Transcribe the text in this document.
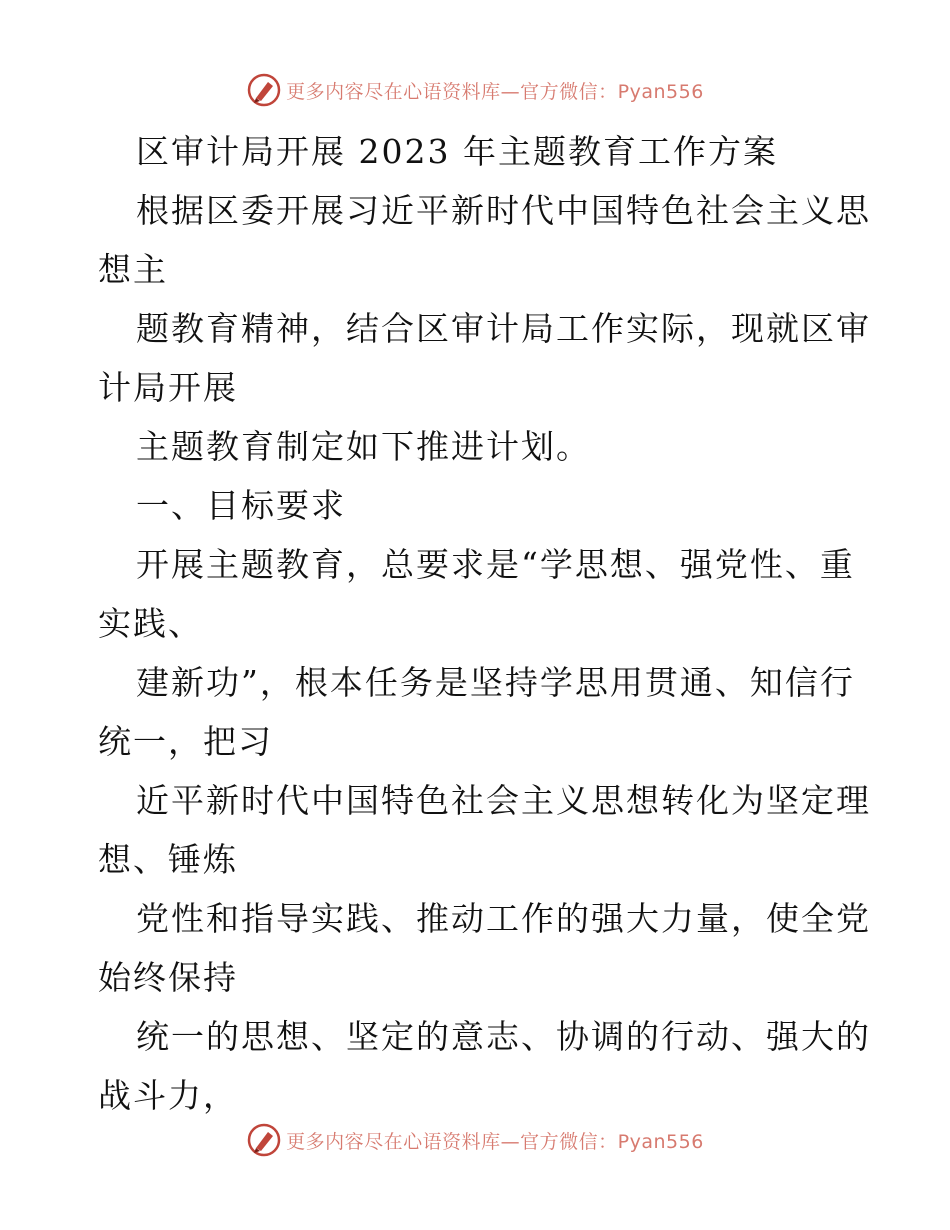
更多内容尽在心语资料库—官方微信：Pyan556
区审计局开展 2023 年主题教育工作方案
根据区委开展习近平新时代中国特色社会主义思
想主
题教育精神，结合区审计局工作实际，现就区审
计局开展
主题教育制定如下推进计划。
一、目标要求
开展主题教育，总要求是“学思想、强党性、重
实践、
建新功”，根本任务是坚持学思用贯通、知信行
统一，把习
近平新时代中国特色社会主义思想转化为坚定理
想、锤炼
党性和指导实践、推动工作的强大力量，使全党
始终保持
统一的思想、坚定的意志、协调的行动、强大的
战斗力，
更多内容尽在心语资料库—官方微信：Pyan556
